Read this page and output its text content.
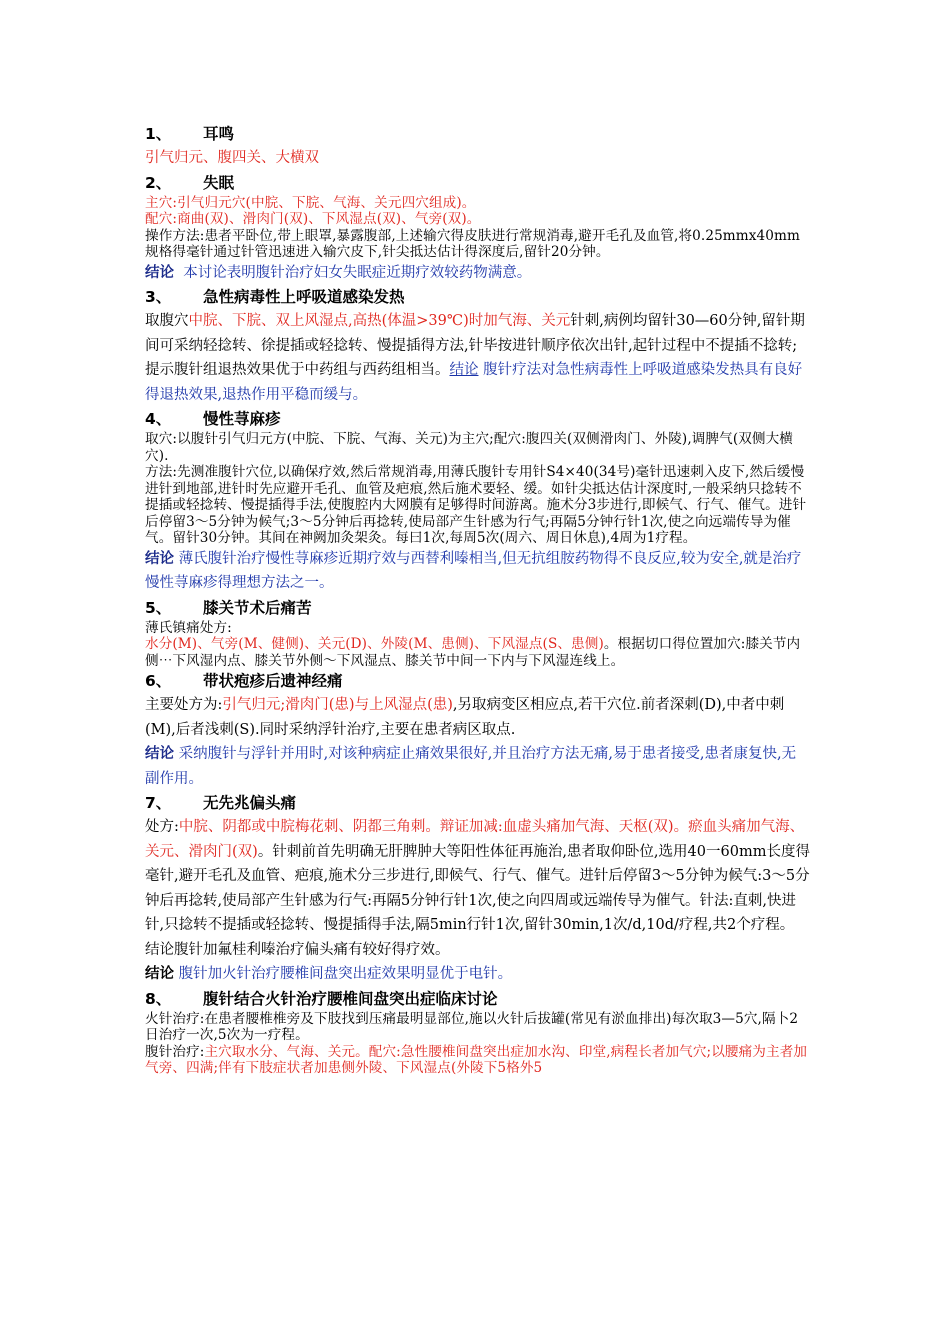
1、 耳鸣

引气归元、腹四关、大横双

2、 失眠

主穴:引气归元穴(中脘、下脘、气海、关元四穴组成)。

配穴:商曲(双)、滑肉门(双)、下风湿点(双)、气旁(双)。

操作方法:患者平卧位,带上眼罩,暴露腹部,上述输穴得皮肤进行常规消毒,避开毛孔及血管,将0.25mmx40mm规格得毫针通过针管迅速进入输穴皮下,针尖抵达估计得深度后,留针20分钟。

结论 本讨论表明腹针治疗妇女失眠症近期疗效较药物满意。

3、 急性病毒性上呼吸道感染发热

取腹穴中脘、下脘、双上风湿点,高热(体温>39℃)时加气海、关元针刺,病例均留针30—60分钟,留针期间可采纳轻捻转、徐提插或轻捻转、慢提插得方法,针毕按进针顺序依次出针,起针过程中不提插不捻转;

提示腹针组退热效果优于中药组与西药组相当。结论 腹针疗法对急性病毒性上呼吸道感染发热具有良好得退热效果,退热作用平稳而缓与。

4、 慢性荨麻疹

取穴:以腹针引气归元方(中脘、下脘、气海、关元)为主穴;配穴:腹四关(双侧滑肉门、外陵),调脾气(双侧大横穴).

方法:先测准腹针穴位,以确保疗效,然后常规消毒,用薄氏腹针专用针S4×40(34号)毫针迅速刺入皮下,然后缓慢进针到地部,进针时先应避开毛孔、血管及疤痕,然后施术要轻、缓。如针尖抵达估计深度时,一般采纳只捻转不提插或轻捻转、慢提插得手法,使腹腔内大网膜有足够得时间游离。施术分3步进行,即候气、行气、催气。进针后停留3～5分钟为候气;3～5分钟后再捻转,使局部产生针感为行气;再隔5分钟行针1次,使之向远端传导为催气。留针30分钟。其间在神阙加灸架灸。每曰1次,每周5次(周六、周日休息),4周为1疗程。

结论 薄氏腹针治疗慢性荨麻疹近期疗效与西替利嗪相当,但无抗组胺药物得不良反应,较为安全,就是治疗慢性荨麻疹得理想方法之一。

5、 膝关节术后痛苦

薄氏镇痛处方:

水分(M)、气旁(M、健侧)、关元(D)、外陵(M、患侧)、下风湿点(S、患侧)。根据切口得位置加穴:膝关节内侧⋯下风湿内点、膝关节外侧～下风湿点、膝关节中间一下内与下风湿连线上。

6、 带状疱疹后遗神经痛

主要处方为:引气归元;滑肉门(患)与上风湿点(患),另取病变区相应点,若干穴位.前者深刺(D),中者中刺(M),后者浅刺(S).同时采纳浮针治疗,主要在患者病区取点.

结论 采纳腹针与浮针并用时,对该种病症止痛效果很好,并且治疗方法无痛,易于患者接受,患者康复快,无副作用。

7、 无先兆偏头痛

处方:中脘、阴都或中脘梅花刺、阴都三角刺。辩证加减:血虚头痛加气海、天枢(双)。瘀血头痛加气海、关元、滑肉门(双)。针刺前首先明确无肝脾肿大等阳性体征再施治,患者取仰卧位,选用40一60mm长度得毫针,避开毛孔及血管、疤痕,施术分三步进行,即候气、行气、催气。进针后停留3～5分钟为候气:3～5分钟后再捻转,使局部产生针感为行气:再隔5分钟行针1次,使之向四周或远端传导为催气。针法:直刺,快进针,只捻转不提插或轻捻转、慢提插得手法,隔5min行针1次,留针30min,1次/d,10d/疗程,共2个疗程。

结论腹针加氟桂利嗪治疗偏头痛有较好得疗效。

结论 腹针加火针治疗腰椎间盘突出症效果明显优于电针。

8、 腹针结合火针治疗腰椎间盘突出症临床讨论

火针治疗:在患者腰椎椎旁及下肢找到压痛最明显部位,施以火针后拔罐(常见有淤血排出)每次取3—5穴,隔卜2日治疗一次,5次为一疗程。

腹针治疗:主穴取水分、气海、关元。配穴:急性腰椎间盘突出症加水沟、印堂,病程长者加气穴;以腰痛为主者加气旁、四满;伴有下肢症状者加患侧外陵、下风湿点(外陵下5格外5
